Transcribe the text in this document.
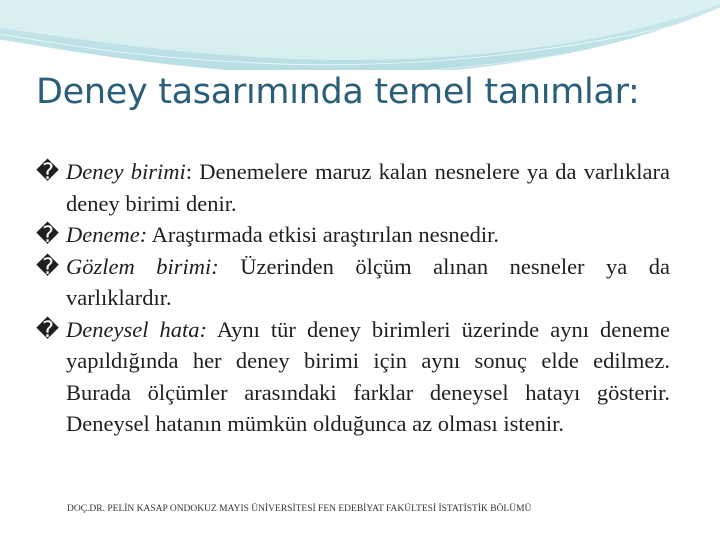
Deney tasarımında temel tanımlar:

� Deney birimi: Denemelere maruz kalan nesnelere ya da varlıklara deney birimi denir.

� Deneme: Araştırmada etkisi araştırılan nesnedir.

� Gözlem birimi: Üzerinden ölçüm alınan nesneler ya da varlıklardır.

� Deneysel hata: Aynı tür deney birimleri üzerinde aynı deneme yapıldığında her deney birimi için aynı sonuç elde edilmez. Burada ölçümler arasındaki farklar deneysel hatayı gösterir. Deneysel hatanın mümkün olduğunca az olması istenir.

DOÇ.DR. PELİN KASAP ONDOKUZ MAYIS ÜNİVERSİTESİ FEN EDEBİYAT FAKÜLTESİ İSTATİSTİK BÖLÜMÜ
